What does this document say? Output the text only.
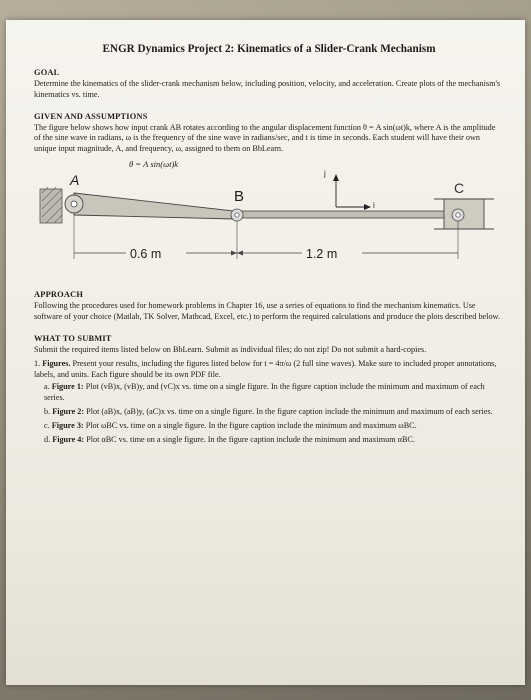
ENGR Dynamics Project 2: Kinematics of a Slider-Crank Mechanism
GOAL

Determine the kinematics of the slider-crank mechanism below, including position, velocity, and acceleration. Create plots of the mechanism's kinematics vs. time.

GIVEN AND ASSUMPTIONS

The figure below shows how input crank AB rotates according to the angular displacement function θ = A sin(ωt)k, where A is the amplitude of the sine wave in radians, ω is the frequency of the sine wave in radians/sec, and t is time in seconds. Each student will have their own unique input magnitude, A, and frequency, ω, assigned to them on BbLearn.

θ = A sin(ωt)k
A
B	C
j
i
0.6 m	1.2 m
APPROACH

Following the procedures used for homework problems in Chapter 16, use a series of equations to find the mechanism kinematics. Use software of your choice (Matlab, TK Solver, Mathcad, Excel, etc.) to perform the required calculations and produce the plots described below.

WHAT TO SUBMIT

Submit the required items listed below on BbLearn. Submit as individual files; do not zip! Do not submit a hard-copies.

1. Figures. Present your results, including the figures listed below for t = 4π/ω (2 full sine waves). Make sure to included proper annotations, labels, and units. Each figure should be its own PDF file.
a. Figure 1: Plot (vB)x, (vB)y, and (vC)x vs. time on a single figure. In the figure caption include the minimum and maximum of each series.
b. Figure 2: Plot (aB)x, (aB)y, (aC)x vs. time on a single figure. In the figure caption include the minimum and maximum of each series.
c. Figure 3: Plot ωBC vs. time on a single figure. In the figure caption include the minimum and maximum ωBC.
d. Figure 4: Plot αBC vs. time on a single figure. In the figure caption include the minimum and maximum αBC.
